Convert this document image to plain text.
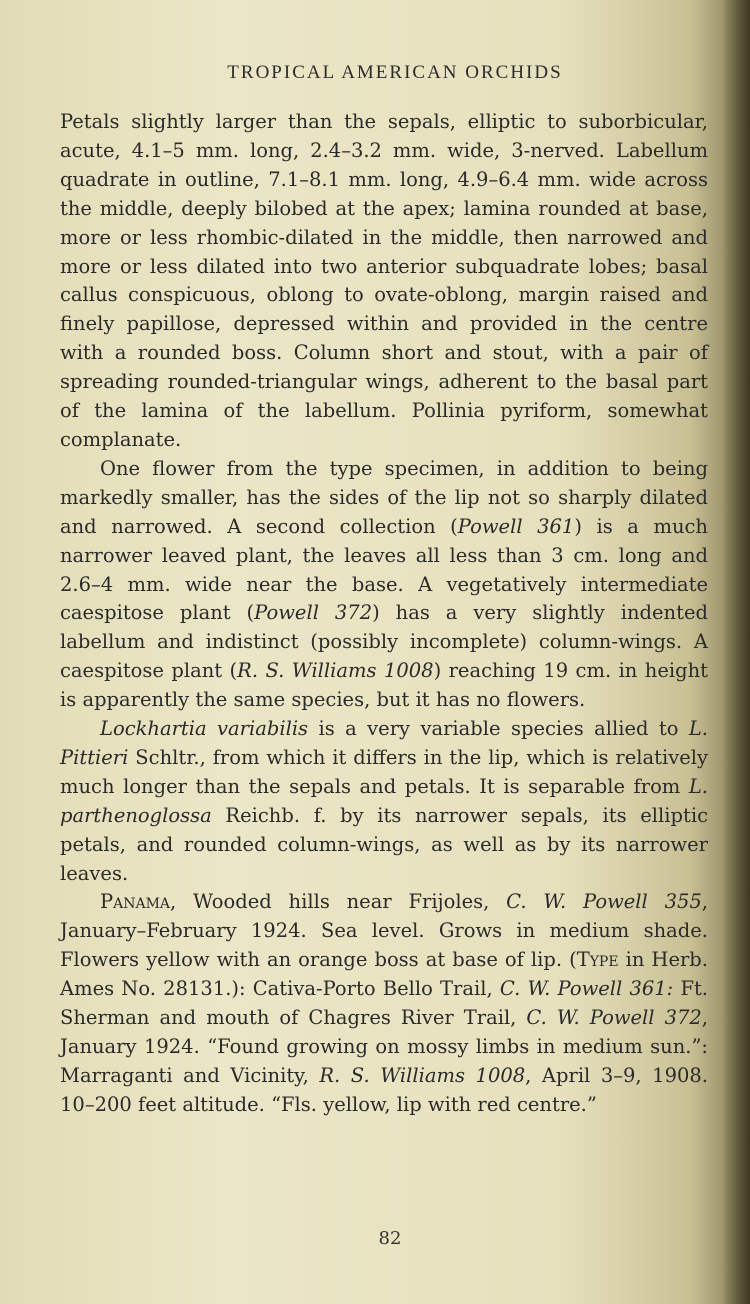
TROPICAL AMERICAN ORCHIDS

Petals slightly larger than the sepals, elliptic to suborbicular, acute, 4.1–5 mm. long, 2.4–3.2 mm. wide, 3-nerved. Labellum quadrate in outline, 7.1–8.1 mm. long, 4.9–6.4 mm. wide across the middle, deeply bilobed at the apex; lamina rounded at base, more or less rhombic-dilated in the middle, then narrowed and more or less dilated into two anterior subquadrate lobes; basal callus conspicuous, oblong to ovate-oblong, margin raised and finely papillose, depressed within and provided in the centre with a rounded boss. Column short and stout, with a pair of spreading rounded-triangular wings, adherent to the basal part of the lamina of the labellum. Pollinia pyriform, somewhat complanate.

One flower from the type specimen, in addition to being markedly smaller, has the sides of the lip not so sharply dilated and narrowed. A second collection (Powell 361) is a much narrower leaved plant, the leaves all less than 3 cm. long and 2.6–4 mm. wide near the base. A vegetatively intermediate caespitose plant (Powell 372) has a very slightly indented labellum and indistinct (possibly incomplete) column-wings. A caespitose plant (R. S. Williams 1008) reaching 19 cm. in height is apparently the same species, but it has no flowers.

Lockhartia variabilis is a very variable species allied to L. Pittieri Schltr., from which it differs in the lip, which is relatively much longer than the sepals and petals. It is separable from L. parthenoglossa Reichb. f. by its narrower sepals, its elliptic petals, and rounded column-wings, as well as by its narrower leaves.

Panama, Wooded hills near Frijoles, C. W. Powell 355, January–February 1924. Sea level. Grows in medium shade. Flowers yellow with an orange boss at base of lip. (Type in Herb. Ames No. 28131.): Cativa-Porto Bello Trail, C. W. Powell 361: Ft. Sherman and mouth of Chagres River Trail, C. W. Powell 372, January 1924. “Found growing on mossy limbs in medium sun.”: Marraganti and Vicinity, R. S. Williams 1008, April 3–9, 1908. 10–200 feet altitude. “Fls. yellow, lip with red centre.”

82
